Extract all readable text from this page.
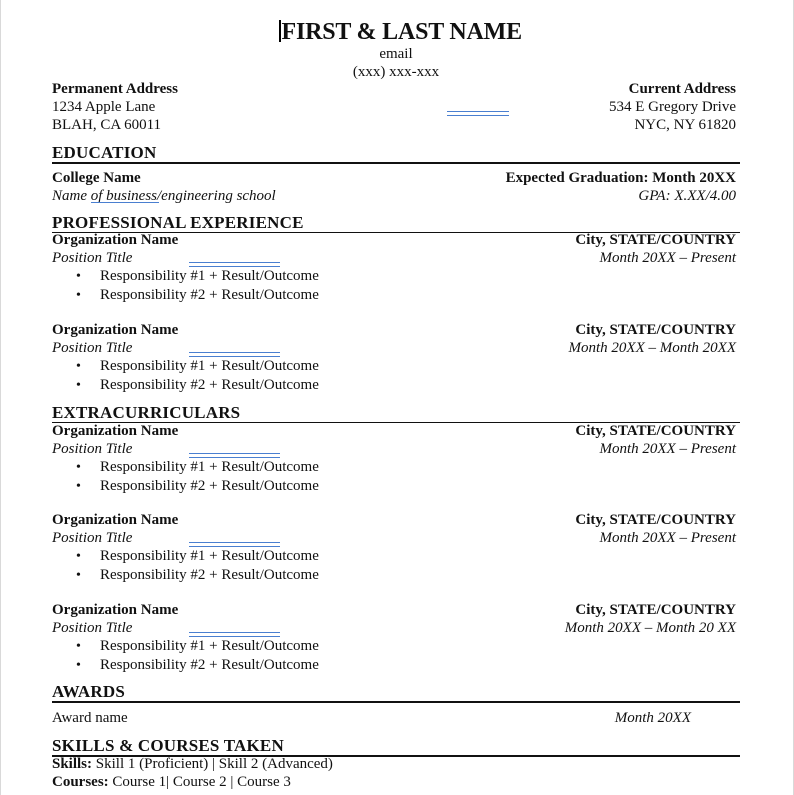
FIRST & LAST NAME
email
(xxx) xxx-xxx
Permanent Address	Current Address
1234 Apple Lane	534 E Gregory Drive
BLAH, CA 60011	NYC, NY 61820
EDUCATION
College Name	Expected Graduation: Month 20XX
Name of business/engineering school	GPA: X.XX/4.00
PROFESSIONAL EXPERIENCE
Organization Name	City, STATE/COUNTRY
Position Title	Month 20XX – Present
• Responsibility #1 + Result/Outcome
• Responsibility #2 + Result/Outcome
Organization Name	City, STATE/COUNTRY
Position Title	Month 20XX – Month 20XX
• Responsibility #1 + Result/Outcome
• Responsibility #2 + Result/Outcome
EXTRACURRICULARS
Organization Name	City, STATE/COUNTRY
Position Title	Month 20XX – Present
• Responsibility #1 + Result/Outcome
• Responsibility #2 + Result/Outcome
Organization Name	City, STATE/COUNTRY
Position Title	Month 20XX – Present
• Responsibility #1 + Result/Outcome
• Responsibility #2 + Result/Outcome
Organization Name	City, STATE/COUNTRY
Position Title	Month 20XX – Month 20 XX
• Responsibility #1 + Result/Outcome
• Responsibility #2 + Result/Outcome
AWARDS
Award name	Month 20XX
SKILLS & COURSES TAKEN
Skills: Skill 1 (Proficient) | Skill 2 (Advanced)
Courses: Course 1| Course 2 | Course 3
